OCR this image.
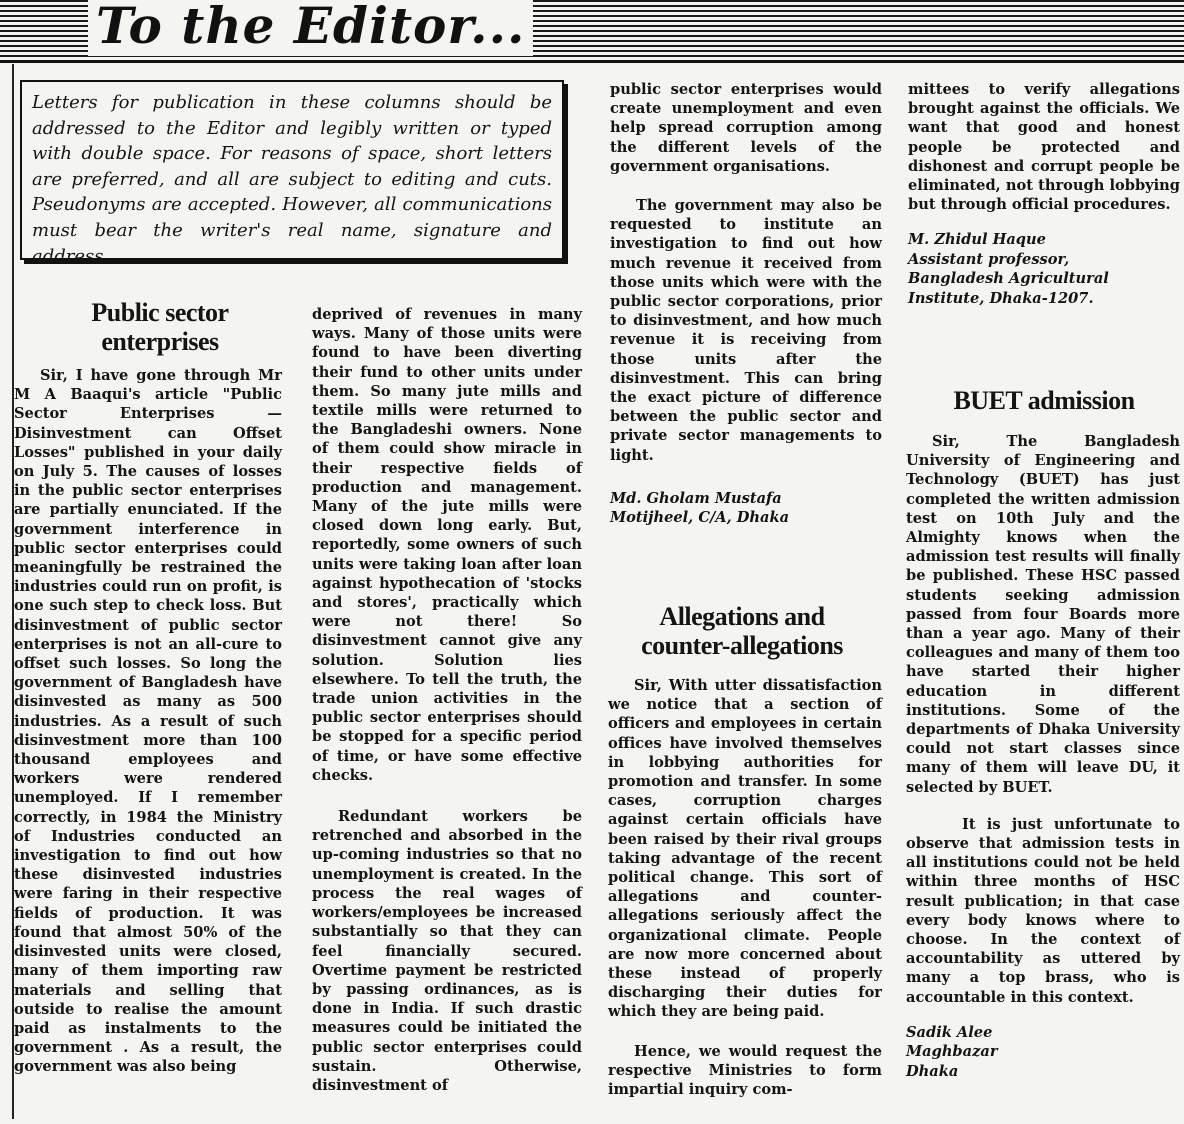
To the Editor...
Letters for publication in these columns should be addressed to the Editor and legibly written or typed with double space. For reasons of space, short letters are preferred, and all are subject to editing and cuts. Pseudonyms are accepted. However, all communications must bear the writer's real name, signature and address.
Public sector enterprises

Sir, I have gone through Mr M A Baaqui's article "Public Sector Enterprises — Disinvestment can Offset Losses" published in your daily on July 5. The causes of losses in the public sector enterprises are partially enunciated. If the government interference in public sector enterprises could meaningfully be restrained the industries could run on profit, is one such step to check loss. But disinvestment of public sector enterprises is not an all-cure to offset such losses. So long the government of Bangladesh have disinvested as many as 500 industries. As a result of such disinvestment more than 100 thousand employees and workers were rendered unemployed. If I remember correctly, in 1984 the Ministry of Industries conducted an investigation to find out how these disinvested industries were faring in their respective fields of production. It was found that almost 50% of the disinvested units were closed, many of them importing raw materials and selling that outside to realise the amount paid as instalments to the government . As a result, the government was also being

deprived of revenues in many ways. Many of those units were found to have been diverting their fund to other units under them. So many jute mills and textile mills were returned to the Bangladeshi owners. None of them could show miracle in their respective fields of production and management. Many of the jute mills were closed down long early. But, reportedly, some owners of such units were taking loan after loan against hypothecation of 'stocks and stores', practically which were not there! So disinvestment cannot give any solution. Solution lies elsewhere. To tell the truth, the trade union activities in the public sector enterprises should be stopped for a specific period of time, or have some effective checks.

Redundant workers be retrenched and absorbed in the up-coming industries so that no unemployment is created. In the process the real wages of workers/employees be increased substantially so that they can feel financially secured. Overtime payment be restricted by passing ordinances, as is done in India. If such drastic measures could be initiated the public sector enterprises could sustain. Otherwise, disinvestment of

public sector enterprises would create unemployment and even help spread corruption among the different levels of the government organisations.

The government may also be requested to institute an investigation to find out how much revenue it received from those units which were with the public sector corporations, prior to disinvestment, and how much revenue it is receiving from those units after the disinvestment. This can bring the exact picture of difference between the public sector and private sector managements to light.

Md. Gholam Mustafa
Motijheel, C/A, Dhaka
Allegations and counter-allegations

Sir, With utter dissatisfaction we notice that a section of officers and employees in certain offices have involved themselves in lobbying authorities for promotion and transfer. In some cases, corruption charges against certain officials have been raised by their rival groups taking advantage of the recent political change. This sort of allegations and counter-allegations seriously affect the organizational climate. People are now more concerned about these instead of properly discharging their duties for which they are being paid.

Hence, we would request the respective Ministries to form impartial inquiry com-

mittees to verify allegations brought against the officials. We want that good and honest people be protected and dishonest and corrupt people be eliminated, not through lobbying but through official procedures.

M. Zhidul Haque
Assistant professor,
Bangladesh Agricultural Institute, Dhaka-1207.
BUET admission

Sir, The Bangladesh University of Engineering and Technology (BUET) has just completed the written admission test on 10th July and the Almighty knows when the admission test results will finally be published. These HSC passed students seeking admission passed from four Boards more than a year ago. Many of their colleagues and many of them too have started their higher education in different institutions. Some of the departments of Dhaka University could not start classes since many of them will leave DU, it selected by BUET.

It is just unfortunate to observe that admission tests in all institutions could not be held within three months of HSC result publication; in that case every body knows where to choose. In the context of accountability as uttered by many a top brass, who is accountable in this context.

Sadik Alee
Maghbazar
Dhaka
